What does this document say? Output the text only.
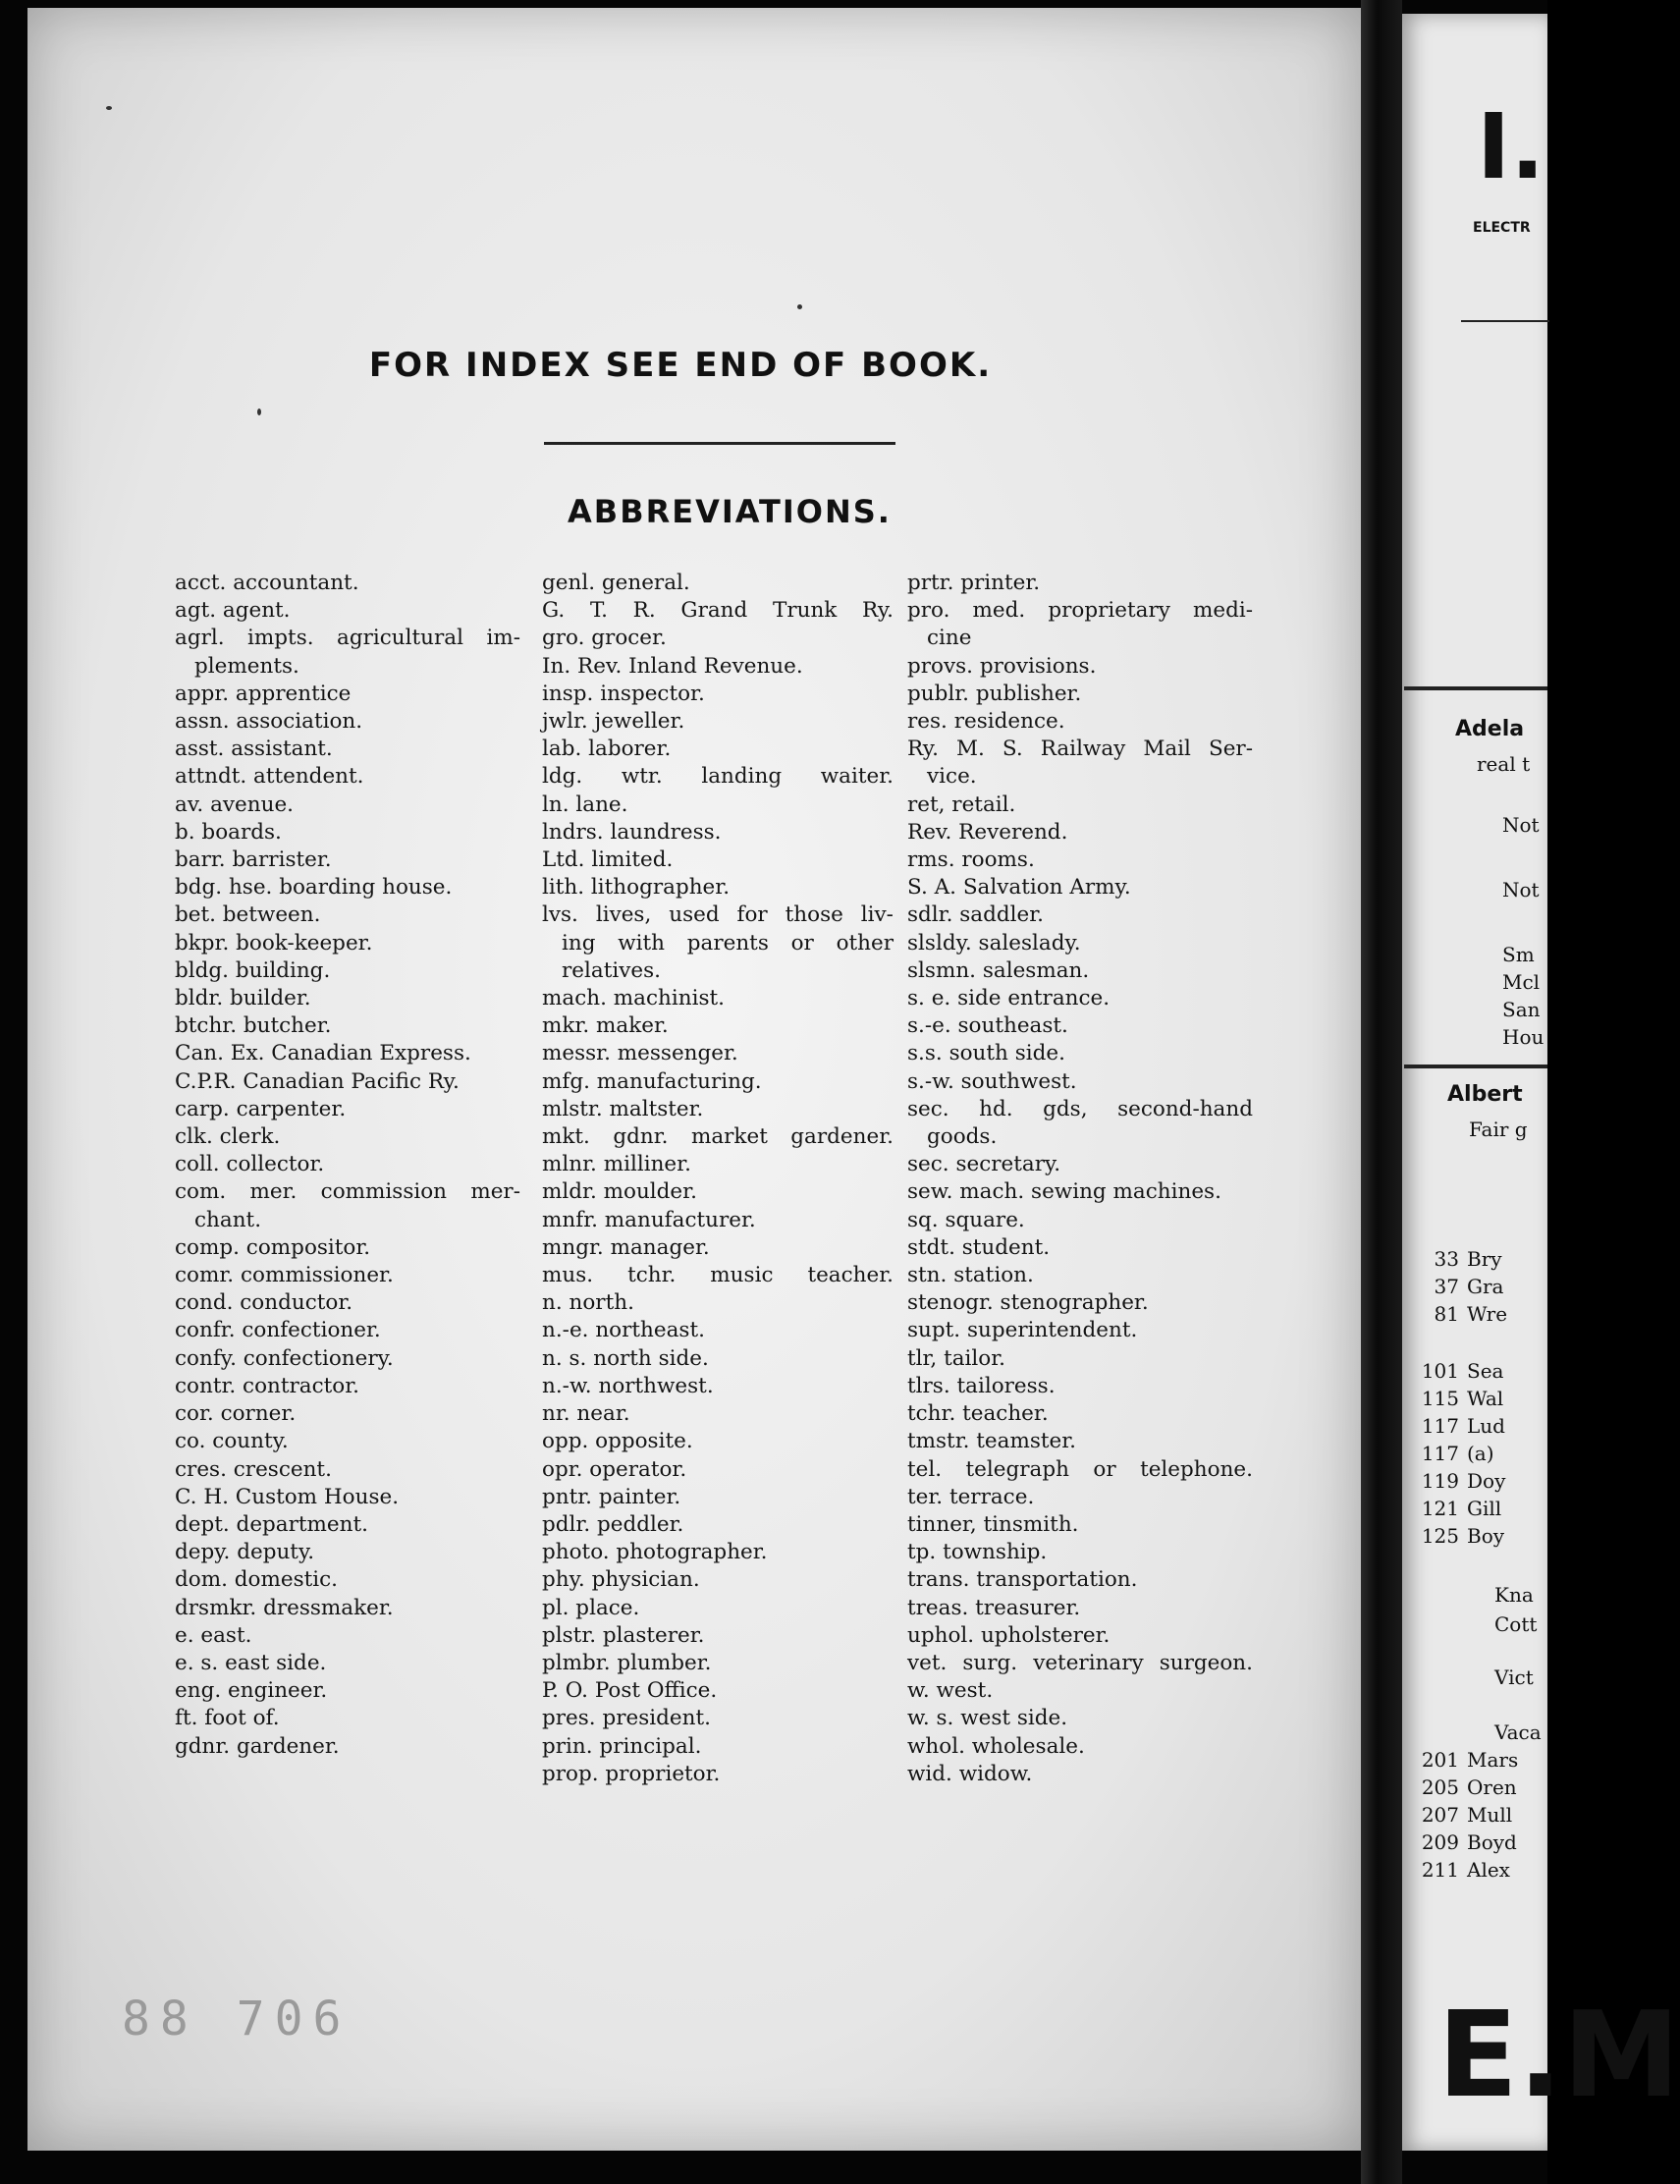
FOR INDEX SEE END OF BOOK.
ABBREVIATIONS.
acct. accountant.
agt. agent.
agrl. impts. agricultural im-
plements.
appr. apprentice
assn. association.
asst. assistant.
attndt. attendent.
av. avenue.
b. boards.
barr. barrister.
bdg. hse. boarding house.
bet. between.
bkpr. book-keeper.
bldg. building.
bldr. builder.
btchr. butcher.
Can. Ex. Canadian Express.
C.P.R. Canadian Pacific Ry.
carp. carpenter.
clk. clerk.
coll. collector.
com. mer. commission mer-
chant.
comp. compositor.
comr. commissioner.
cond. conductor.
confr. confectioner.
confy. confectionery.
contr. contractor.
cor. corner.
co. county.
cres. crescent.
C. H. Custom House.
dept. department.
depy. deputy.
dom. domestic.
drsmkr. dressmaker.
e. east.
e. s. east side.
eng. engineer.
ft. foot of.
gdnr. gardener.
genl. general.
G. T. R. Grand Trunk Ry.
gro. grocer.
In. Rev. Inland Revenue.
insp. inspector.
jwlr. jeweller.
lab. laborer.
ldg. wtr. landing waiter.
ln. lane.
lndrs. laundress.
Ltd. limited.
lith. lithographer.
lvs. lives, used for those liv-
ing with parents or other
relatives.
mach. machinist.
mkr. maker.
messr. messenger.
mfg. manufacturing.
mlstr. maltster.
mkt. gdnr. market gardener.
mlnr. milliner.
mldr. moulder.
mnfr. manufacturer.
mngr. manager.
mus. tchr. music teacher.
n. north.
n.-e. northeast.
n. s. north side.
n.-w. northwest.
nr. near.
opp. opposite.
opr. operator.
pntr. painter.
pdlr. peddler.
photo. photographer.
phy. physician.
pl. place.
plstr. plasterer.
plmbr. plumber.
P. O. Post Office.
pres. president.
prin. principal.
prop. proprietor.
prtr. printer.
pro. med. proprietary medi-
cine
provs. provisions.
publr. publisher.
res. residence.
Ry. M. S. Railway Mail Ser-
vice.
ret, retail.
Rev. Reverend.
rms. rooms.
S. A. Salvation Army.
sdlr. saddler.
slsldy. saleslady.
slsmn. salesman.
s. e. side entrance.
s.-e. southeast.
s.s. south side.
s.-w. southwest.
sec. hd. gds, second-hand
goods.
sec. secretary.
sew. mach. sewing machines.
sq. square.
stdt. student.
stn. station.
stenogr. stenographer.
supt. superintendent.
tlr, tailor.
tlrs. tailoress.
tchr. teacher.
tmstr. teamster.
tel. telegraph or telephone.
ter. terrace.
tinner, tinsmith.
tp. township.
trans. transportation.
treas. treasurer.
uphol. upholsterer.
vet. surg. veterinary surgeon.
w. west.
w. s. west side.
whol. wholesale.
wid. widow.
88 706
I.
ELECTR
Adela
real t
Not
Not
Sm
Mcl
San
Hou
Albert
Fair g
33 Bry
37 Gra
81 Wre
101 Sea
115 Wal
117 Lud
117 (a)
119 Doy
121 Gill
125 Boy
Kna
Cott
Vict
Vaca
201 Mars
205 Oren
207 Mull
209 Boyd
211 Alex
E.M
